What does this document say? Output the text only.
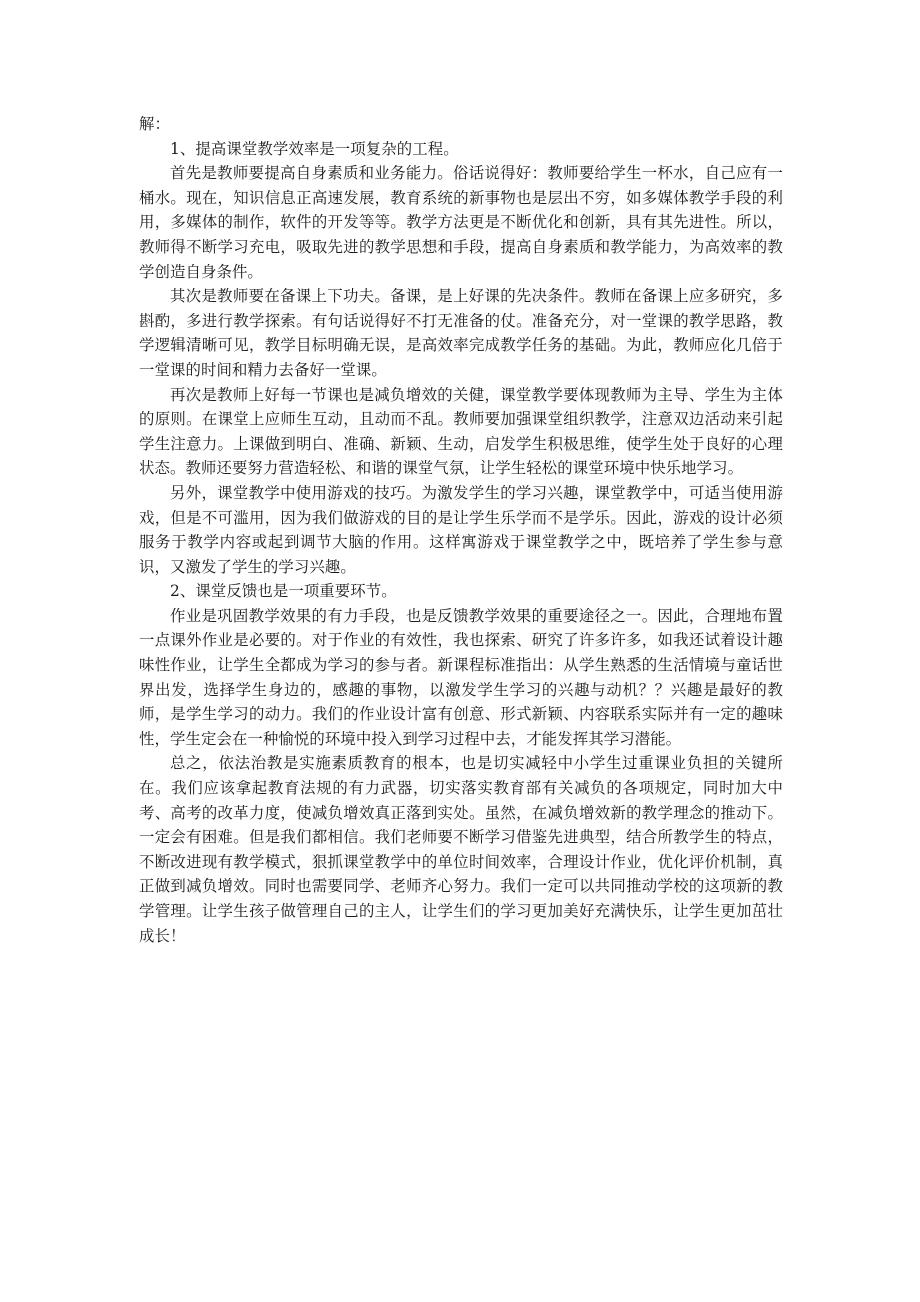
解：

1、提高课堂教学效率是一项复杂的工程。

首先是教师要提高自身素质和业务能力。俗话说得好：教师要给学生一杯水，自己应有一桶水。现在，知识信息正高速发展，教育系统的新事物也是层出不穷，如多媒体教学手段的利用，多媒体的制作，软件的开发等等。教学方法更是不断优化和创新，具有其先进性。所以，教师得不断学习充电，吸取先进的教学思想和手段，提高自身素质和教学能力，为高效率的教学创造自身条件。

其次是教师要在备课上下功夫。备课，是上好课的先决条件。教师在备课上应多研究，多斟酌，多进行教学探索。有句话说得好不打无准备的仗。准备充分，对一堂课的教学思路，教学逻辑清晰可见，教学目标明确无误，是高效率完成教学任务的基础。为此，教师应化几倍于一堂课的时间和精力去备好一堂课。

再次是教师上好每一节课也是减负增效的关健，课堂教学要体现教师为主导、学生为主体的原则。在课堂上应师生互动，且动而不乱。教师要加强课堂组织教学，注意双边活动来引起学生注意力。上课做到明白、准确、新颖、生动，启发学生积极思维，使学生处于良好的心理状态。教师还要努力营造轻松、和谐的课堂气氛，让学生轻松的课堂环境中快乐地学习。

另外，课堂教学中使用游戏的技巧。为激发学生的学习兴趣，课堂教学中，可适当使用游戏，但是不可滥用，因为我们做游戏的目的是让学生乐学而不是学乐。因此，游戏的设计必须服务于教学内容或起到调节大脑的作用。这样寓游戏于课堂教学之中，既培养了学生参与意识，又激发了学生的学习兴趣。

2、课堂反馈也是一项重要环节。

作业是巩固教学效果的有力手段，也是反馈教学效果的重要途径之一。因此，合理地布置一点课外作业是必要的。对于作业的有效性，我也探索、研究了许多许多，如我还试着设计趣味性作业，让学生全都成为学习的参与者。新课程标准指出：从学生熟悉的生活情境与童话世界出发，选择学生身边的，感趣的事物，以激发学生学习的兴趣与动机？？兴趣是最好的教师，是学生学习的动力。我们的作业设计富有创意、形式新颖、内容联系实际并有一定的趣味性，学生定会在一种愉悦的环境中投入到学习过程中去，才能发挥其学习潜能。

总之，依法治教是实施素质教育的根本，也是切实减轻中小学生过重课业负担的关键所在。我们应该拿起教育法规的有力武器，切实落实教育部有关减负的各项规定，同时加大中考、高考的改革力度，使减负增效真正落到实处。虽然，在减负增效新的教学理念的推动下。一定会有困难。但是我们都相信。我们老师要不断学习借鉴先进典型，结合所教学生的特点，不断改进现有教学模式，狠抓课堂教学中的单位时间效率，合理设计作业，优化评价机制，真正做到减负增效。同时也需要同学、老师齐心努力。我们一定可以共同推动学校的这项新的教学管理。让学生孩子做管理自己的主人，让学生们的学习更加美好充满快乐，让学生更加茁壮成长！
